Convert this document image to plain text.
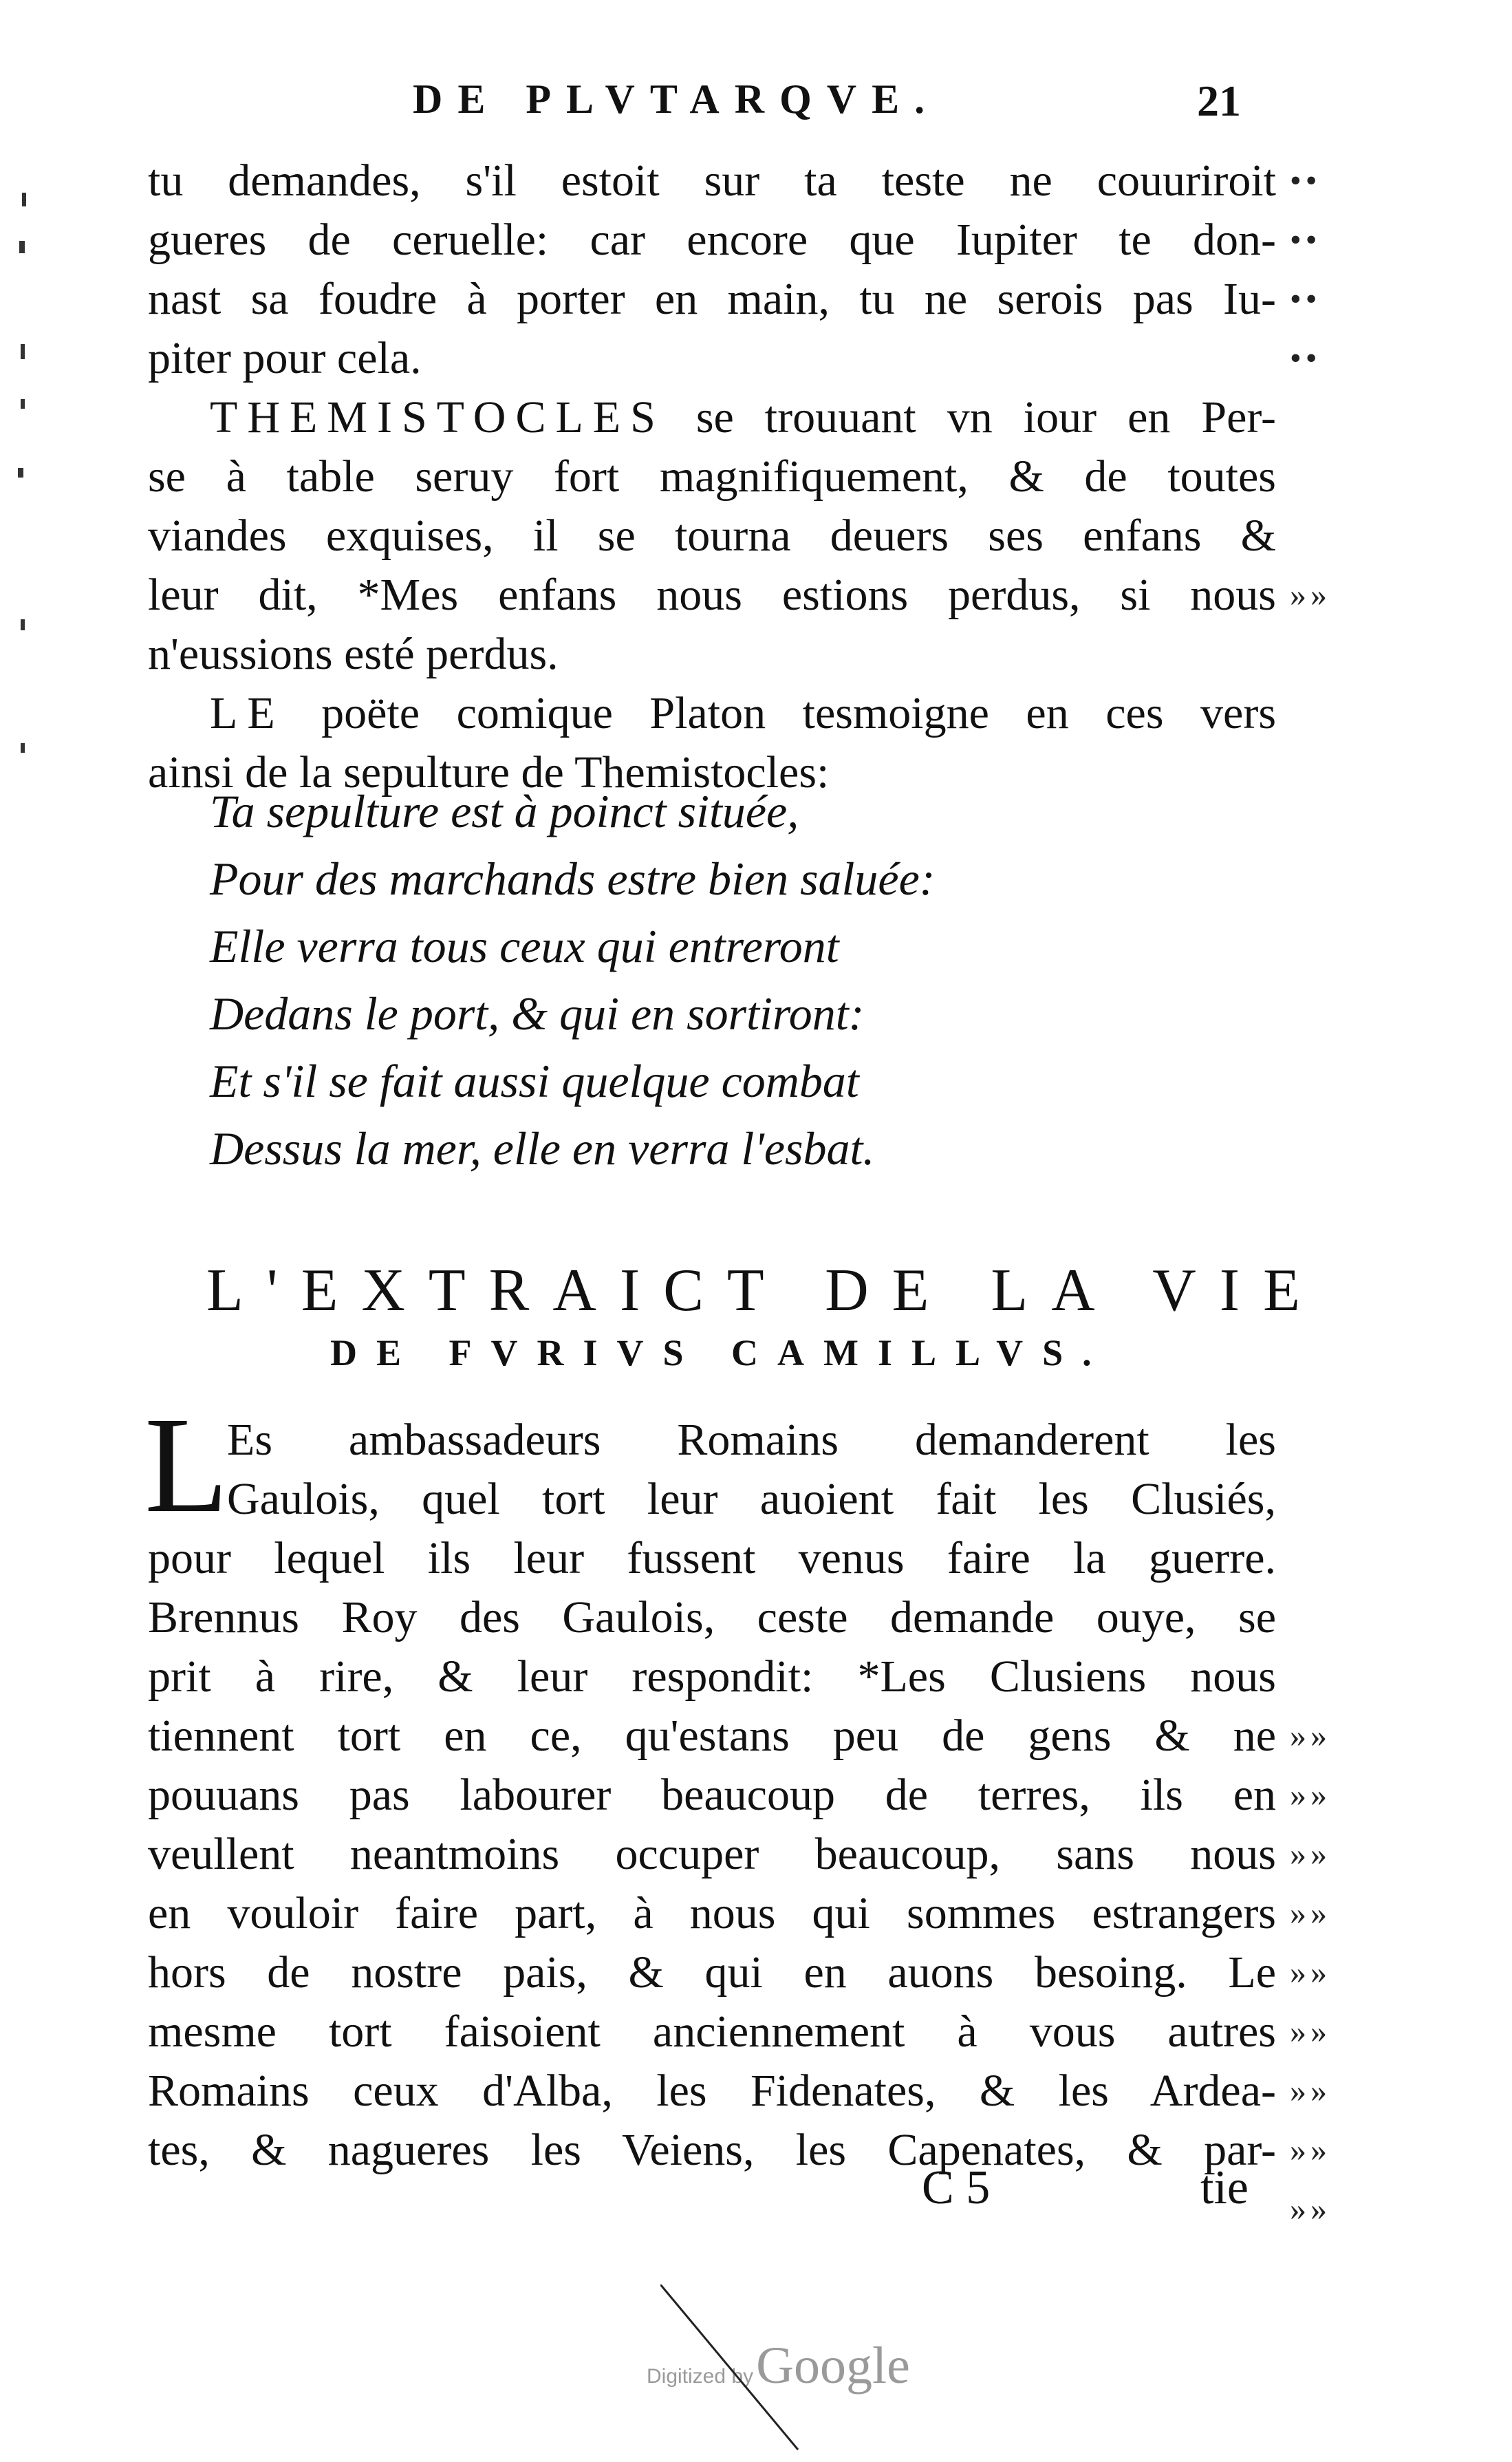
DE PLVTARQVE.	21
tu demandes, s'il estoit sur ta teste ne couuriroit
gueres de ceruelle: car encore que Iupiter te don-
nast sa foudre à porter en main, tu ne serois pas Iu-
piter pour cela.
THEMISTOCLES se trouuant vn iour en Per-
se à table seruy fort magnifiquement, & de toutes
viandes exquises, il se tourna deuers ses enfans &
leur dit, *Mes enfans nous estions perdus, si nous
n'eussions esté perdus.
LE poëte comique Platon tesmoigne en ces vers
ainsi de la sepulture de Themistocles:
Ta sepulture est à poinct située,
Pour des marchands estre bien saluée:
Elle verra tous ceux qui entreront
Dedans le port, & qui en sortiront:
Et s'il se fait aussi quelque combat
Dessus la mer, elle en verra l'esbat.
L'EXTRAICT DE LA VIE
DE FVRIVS CAMILLVS.
L
Es ambassadeurs Romains demanderent les
Gaulois, quel tort leur auoient fait les Clusiés,
pour lequel ils leur fussent venus faire la guerre.
Brennus Roy des Gaulois, ceste demande ouye, se
prit à rire, & leur respondit: *Les Clusiens nous
tiennent tort en ce, qu'estans peu de gens & ne
pouuans pas labourer beaucoup de terres, ils en
veullent neantmoins occuper beaucoup, sans nous
en vouloir faire part, à nous qui sommes estrangers
hors de nostre pais, & qui en auons besoing. Le
mesme tort faisoient anciennement à vous autres
Romains ceux d'Alba, les Fidenates, & les Ardea-
tes, & nagueres les Veiens, les Capenates, & par-
C 5	tie
••
••
••
••

»»
»»
»»
»»
»»
»»
»»
»»
»»
»»
Digitized by Google
